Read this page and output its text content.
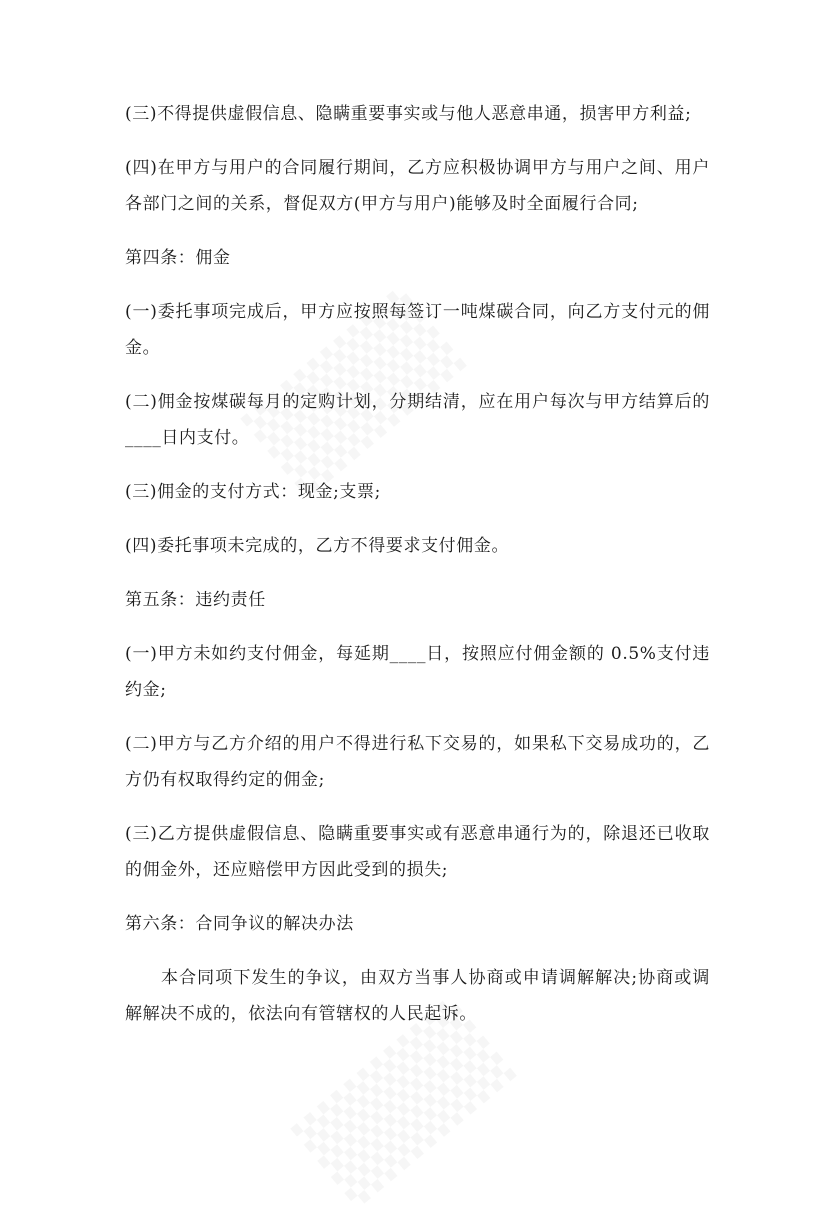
(三)不得提供虚假信息、隐瞒重要事实或与他人恶意串通，损害甲方利益;

(四)在甲方与用户的合同履行期间，乙方应积极协调甲方与用户之间、用户各部门之间的关系，督促双方(甲方与用户)能够及时全面履行合同;

第四条：佣金

(一)委托事项完成后，甲方应按照每签订一吨煤碳合同，向乙方支付元的佣金。

(二)佣金按煤碳每月的定购计划，分期结清，应在用户每次与甲方结算后的____日内支付。

(三)佣金的支付方式：现金;支票;

(四)委托事项未完成的，乙方不得要求支付佣金。

第五条：违约责任

(一)甲方未如约支付佣金，每延期____日，按照应付佣金额的 0.5%支付违约金;

(二)甲方与乙方介绍的用户不得进行私下交易的，如果私下交易成功的，乙方仍有权取得约定的佣金;

(三)乙方提供虚假信息、隐瞒重要事实或有恶意串通行为的，除退还已收取的佣金外，还应赔偿甲方因此受到的损失;

第六条：合同争议的解决办法

本合同项下发生的争议，由双方当事人协商或申请调解解决;协商或调解解决不成的，依法向有管辖权的人民起诉。
